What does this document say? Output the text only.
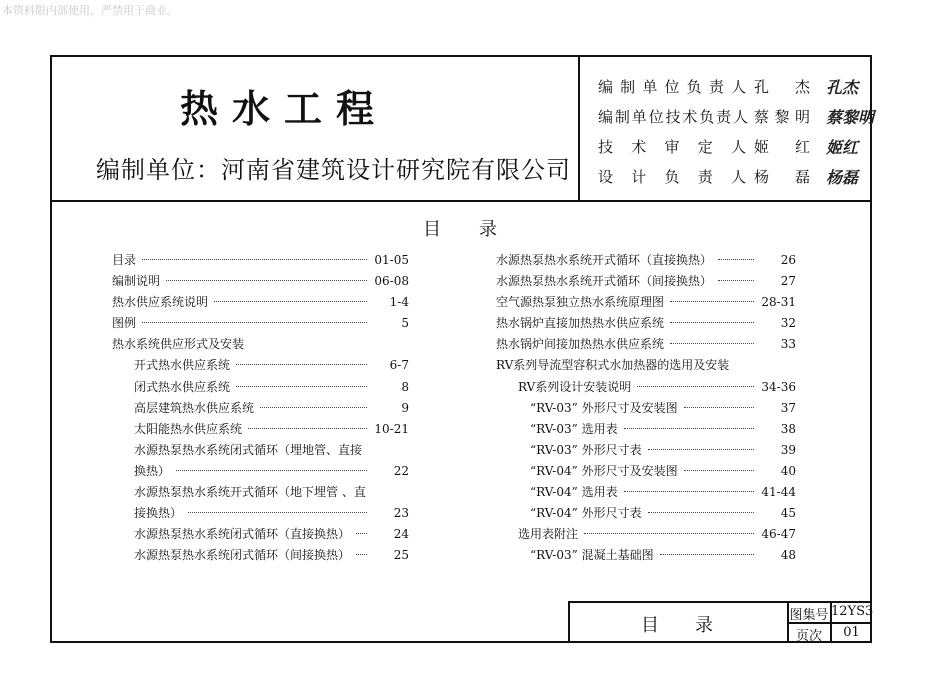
本资料限内部使用，严禁用于商业。
热水工程
编制单位：河南省建筑设计研究院有限公司
编制单位负责人 孔杰 孔杰
编制单位技术负责人 蔡黎明 蔡黎明
技术审定人 姬红 姬红
设计负责人 杨磊 杨磊
目 录
目录	01-05
编制说明	06-08
热水供应系统说明	1-4
图例	5
热水系统供应形式及安装
开式热水供应系统	6-7
闭式热水供应系统	8
高层建筑热水供应系统	9
太阳能热水供应系统	10-21
水源热泵热水系统闭式循环（埋地管、直接
换热）	22
水源热泵热水系统开式循环（地下埋管 、直
接换热）	23
水源热泵热水系统闭式循环（直接换热）	24
水源热泵热水系统闭式循环（间接换热）	25
水源热泵热水系统开式循环（直接换热）	26
水源热泵热水系统开式循环（间接换热）	27
空气源热泵独立热水系统原理图	28-31
热水锅炉直接加热热水供应系统	32
热水锅炉间接加热热水供应系统	33
RV系列导流型容积式水加热器的选用及安装
RV系列设计安装说明	34-36
“RV-03” 外形尺寸及安装图	37
“RV-03” 选用表	38
“RV-03” 外形尺寸表	39
“RV-04” 外形尺寸及安装图	40
“RV-04” 选用表	41-44
“RV-04” 外形尺寸表	45
选用表附注	46-47
“RV-03” 混凝土基础图	48
目 录	图集号 12YS3
页次	01
